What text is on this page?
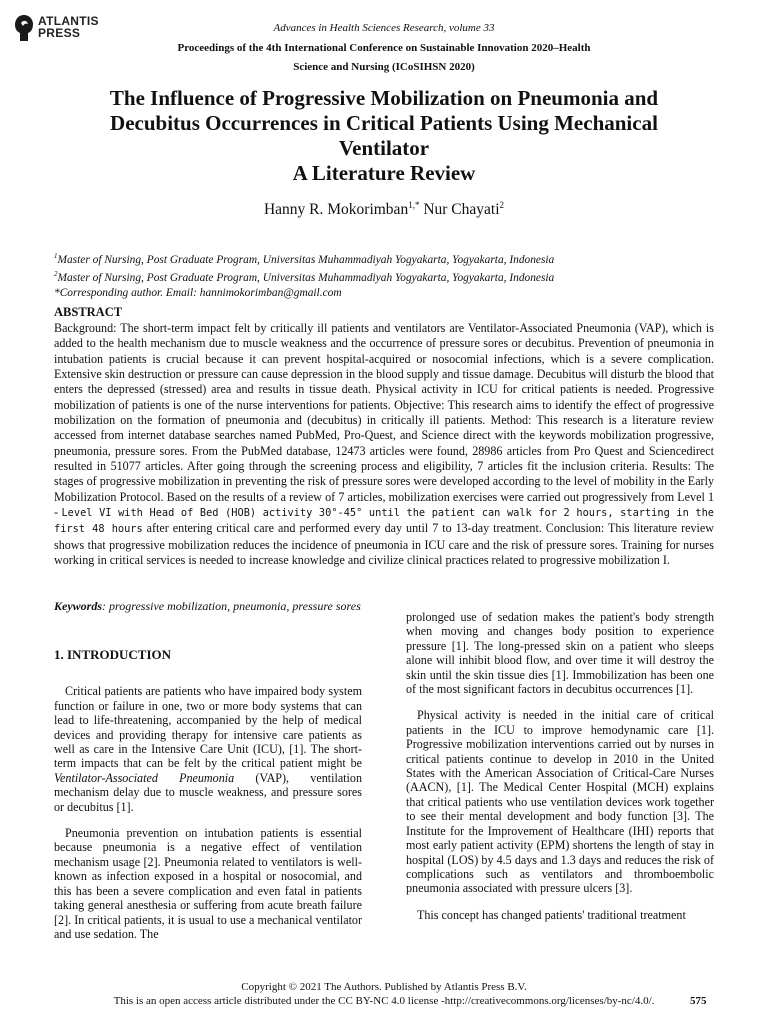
ATLANTIS
PRESS	Advances in Health Sciences Research, volume 33
Proceedings of the 4th International Conference on Sustainable Innovation 2020–Health
Science and Nursing (ICoSIHSN 2020)
The Influence of Progressive Mobilization on Pneumonia and
Decubitus Occurrences in Critical Patients Using Mechanical
Ventilator
A Literature Review
Hanny R. Mokorimban$^{1,*}$ Nur Chayati$^2$
$^1$Master of Nursing, Post Graduate Program, Universitas Muhammadiyah Yogyakarta, Yogyakarta, Indonesia
$^2$Master of Nursing, Post Graduate Program, Universitas Muhammadiyah Yogyakarta, Yogyakarta, Indonesia
*Corresponding author. Email: hannimokorimban@gmail.com
ABSTRACT
Background: The short-term impact felt by critically ill patients and ventilators are Ventilator-Associated Pneumonia (VAP), which is added to the health mechanism due to muscle weakness and the occurrence of pressure sores or decubitus. Prevention of pneumonia in intubation patients is crucial because it can prevent hospital-acquired or nosocomial infections, which is a severe complication. Extensive skin destruction or pressure can cause depression in the blood supply and tissue damage. Decubitus will disturb the blood that enters the depressed (stressed) area and results in tissue death. Physical activity in ICU for critical patients is needed. Progressive mobilization of patients is one of the nurse interventions for patients. Objective: This research aims to identify the effect of progressive mobilization on the formation of pneumonia and (decubitus) in critically ill patients. Method: This research is a literature review accessed from internet database searches named PubMed, Pro-Quest, and Science direct with the keywords mobilization progressive, pneumonia, pressure sores. From the PubMed database, 12473 articles were found, 28986 articles from Pro Quest and Sciencedirect resulted in 51077 articles. After going through the screening process and eligibility, 7 articles fit the inclusion criteria. Results: The stages of progressive mobilization in preventing the risk of pressure sores were developed according to the level of mobility in the Early Mobilization Protocol. Based on the results of a review of 7 articles, mobilization exercises were carried out progressively from Level 1 - Level VI with Head of Bed (HOB) activity 30°-45° until the patient can walk for 2 hours, starting in the first 48 hours after entering critical care and performed every day until 7 to 13-day treatment. Conclusion: This literature review shows that progressive mobilization reduces the incidence of pneumonia in ICU care and the risk of pressure sores. Training for nurses working in critical services is needed to increase knowledge and civilize clinical practices related to progressive mobilization I.
Keywords: progressive mobilization, pneumonia, pressure sores
1. INTRODUCTION

Critical patients are patients who have impaired body system function or failure in one, two or more body systems that can lead to life-threatening, accompanied by the help of medical devices and providing therapy for intensive care patients as well as care in the Intensive Care Unit (ICU), [1]. The short-term impacts that can be felt by the critical patient might be Ventilator-Associated Pneumonia (VAP), ventilation mechanism delay due to muscle weakness, and pressure sores or decubitus [1].

Pneumonia prevention on intubation patients is essential because pneumonia is a negative effect of ventilation mechanism usage [2]. Pneumonia related to ventilators is well-known as infection exposed in a hospital or nosocomial, and this has been a severe complication and even fatal in patients taking general anesthesia or suffering from acute breath failure [2]. In critical patients, it is usual to use a mechanical ventilator and use sedation. The

prolonged use of sedation makes the patient's body strength when moving and changes body position to experience pressure [1]. The long-pressed skin on a patient who sleeps alone will inhibit blood flow, and over time it will destroy the skin until the skin tissue dies [1]. Immobilization has been one of the most significant factors in decubitus occurrences [1].

Physical activity is needed in the initial care of critical patients in the ICU to improve hemodynamic care [1]. Progressive mobilization interventions carried out by nurses in critical patients continue to develop in 2010 in the United States with the American Association of Critical-Care Nurses (AACN), [1]. The Medical Center Hospital (MCH) explains that critical patients who use ventilation devices work together to see their mental development and body function [3]. The Institute for the Improvement of Healthcare (IHI) reports that most early patient activity (EPM) shortens the length of stay in hospital (LOS) by 4.5 days and 1.3 days and reduces the risk of complications such as ventilators and thromboembolic pneumonia associated with pressure ulcers [3].

This concept has changed patients' traditional treatment

Copyright © 2021 The Authors. Published by Atlantis Press B.V.
This is an open access article distributed under the CC BY-NC 4.0 license -http://creativecommons.org/licenses/by-nc/4.0/.	575
